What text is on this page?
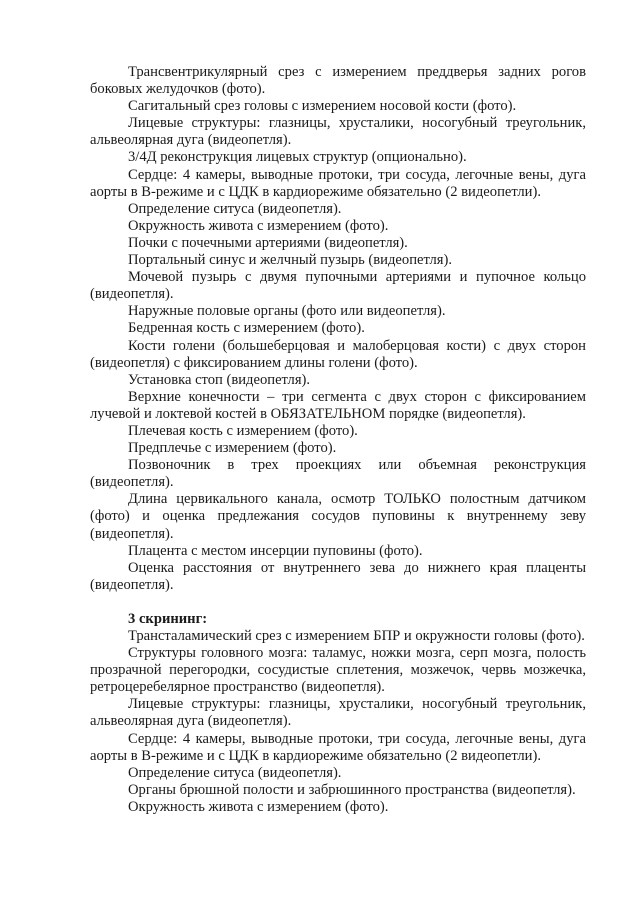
Трансвентрикулярный срез с измерением преддверья задних рогов боковых желудочков (фото).

Сагитальный срез головы с измерением носовой кости (фото).

Лицевые структуры: глазницы, хрусталики, носогубный треугольник, альвеолярная дуга (видеопетля).

3/4Д реконструкция лицевых структур (опционально).

Сердце: 4 камеры, выводные протоки, три сосуда, легочные вены, дуга аорты в В-режиме и с ЦДК в кардиорежиме обязательно (2 видеопетли).

Определение ситуса (видеопетля).

Окружность живота с измерением (фото).

Почки с почечными артериями (видеопетля).

Портальный синус и желчный пузырь (видеопетля).

Мочевой пузырь с двумя пупочными артериями и пупочное кольцо (видеопетля).

Наружные половые органы (фото или видеопетля).

Бедренная кость с измерением (фото).

Кости голени (большеберцовая и малоберцовая кости) с двух сторон (видеопетля) с фиксированием длины голени (фото).

Установка стоп (видеопетля).

Верхние конечности – три сегмента с двух сторон с фиксированием лучевой и локтевой костей в ОБЯЗАТЕЛЬНОМ порядке (видеопетля).

Плечевая кость с измерением (фото).

Предплечье с измерением (фото).

Позвоночник в трех проекциях или объемная реконструкция (видеопетля).

Длина цервикального канала, осмотр ТОЛЬКО полостным датчиком (фото) и оценка предлежания сосудов пуповины к внутреннему зеву (видеопетля).

Плацента с местом инсерции пуповины (фото).

Оценка расстояния от внутреннего зева до нижнего края плаценты (видеопетля).

3 скрининг:

Трансталамический срез с измерением БПР и окружности головы (фото).

Структуры головного мозга: таламус, ножки мозга, серп мозга, полость прозрачной перегородки, сосудистые сплетения, мозжечок, червь мозжечка, ретроцеребелярное пространство (видеопетля).

Лицевые структуры: глазницы, хрусталики, носогубный треугольник, альвеолярная дуга (видеопетля).

Сердце: 4 камеры, выводные протоки, три сосуда, легочные вены, дуга аорты в В-режиме и с ЦДК в кардиорежиме обязательно (2 видеопетли).

Определение ситуса (видеопетля).

Органы брюшной полости и забрюшинного пространства (видеопетля).

Окружность живота с измерением (фото).
